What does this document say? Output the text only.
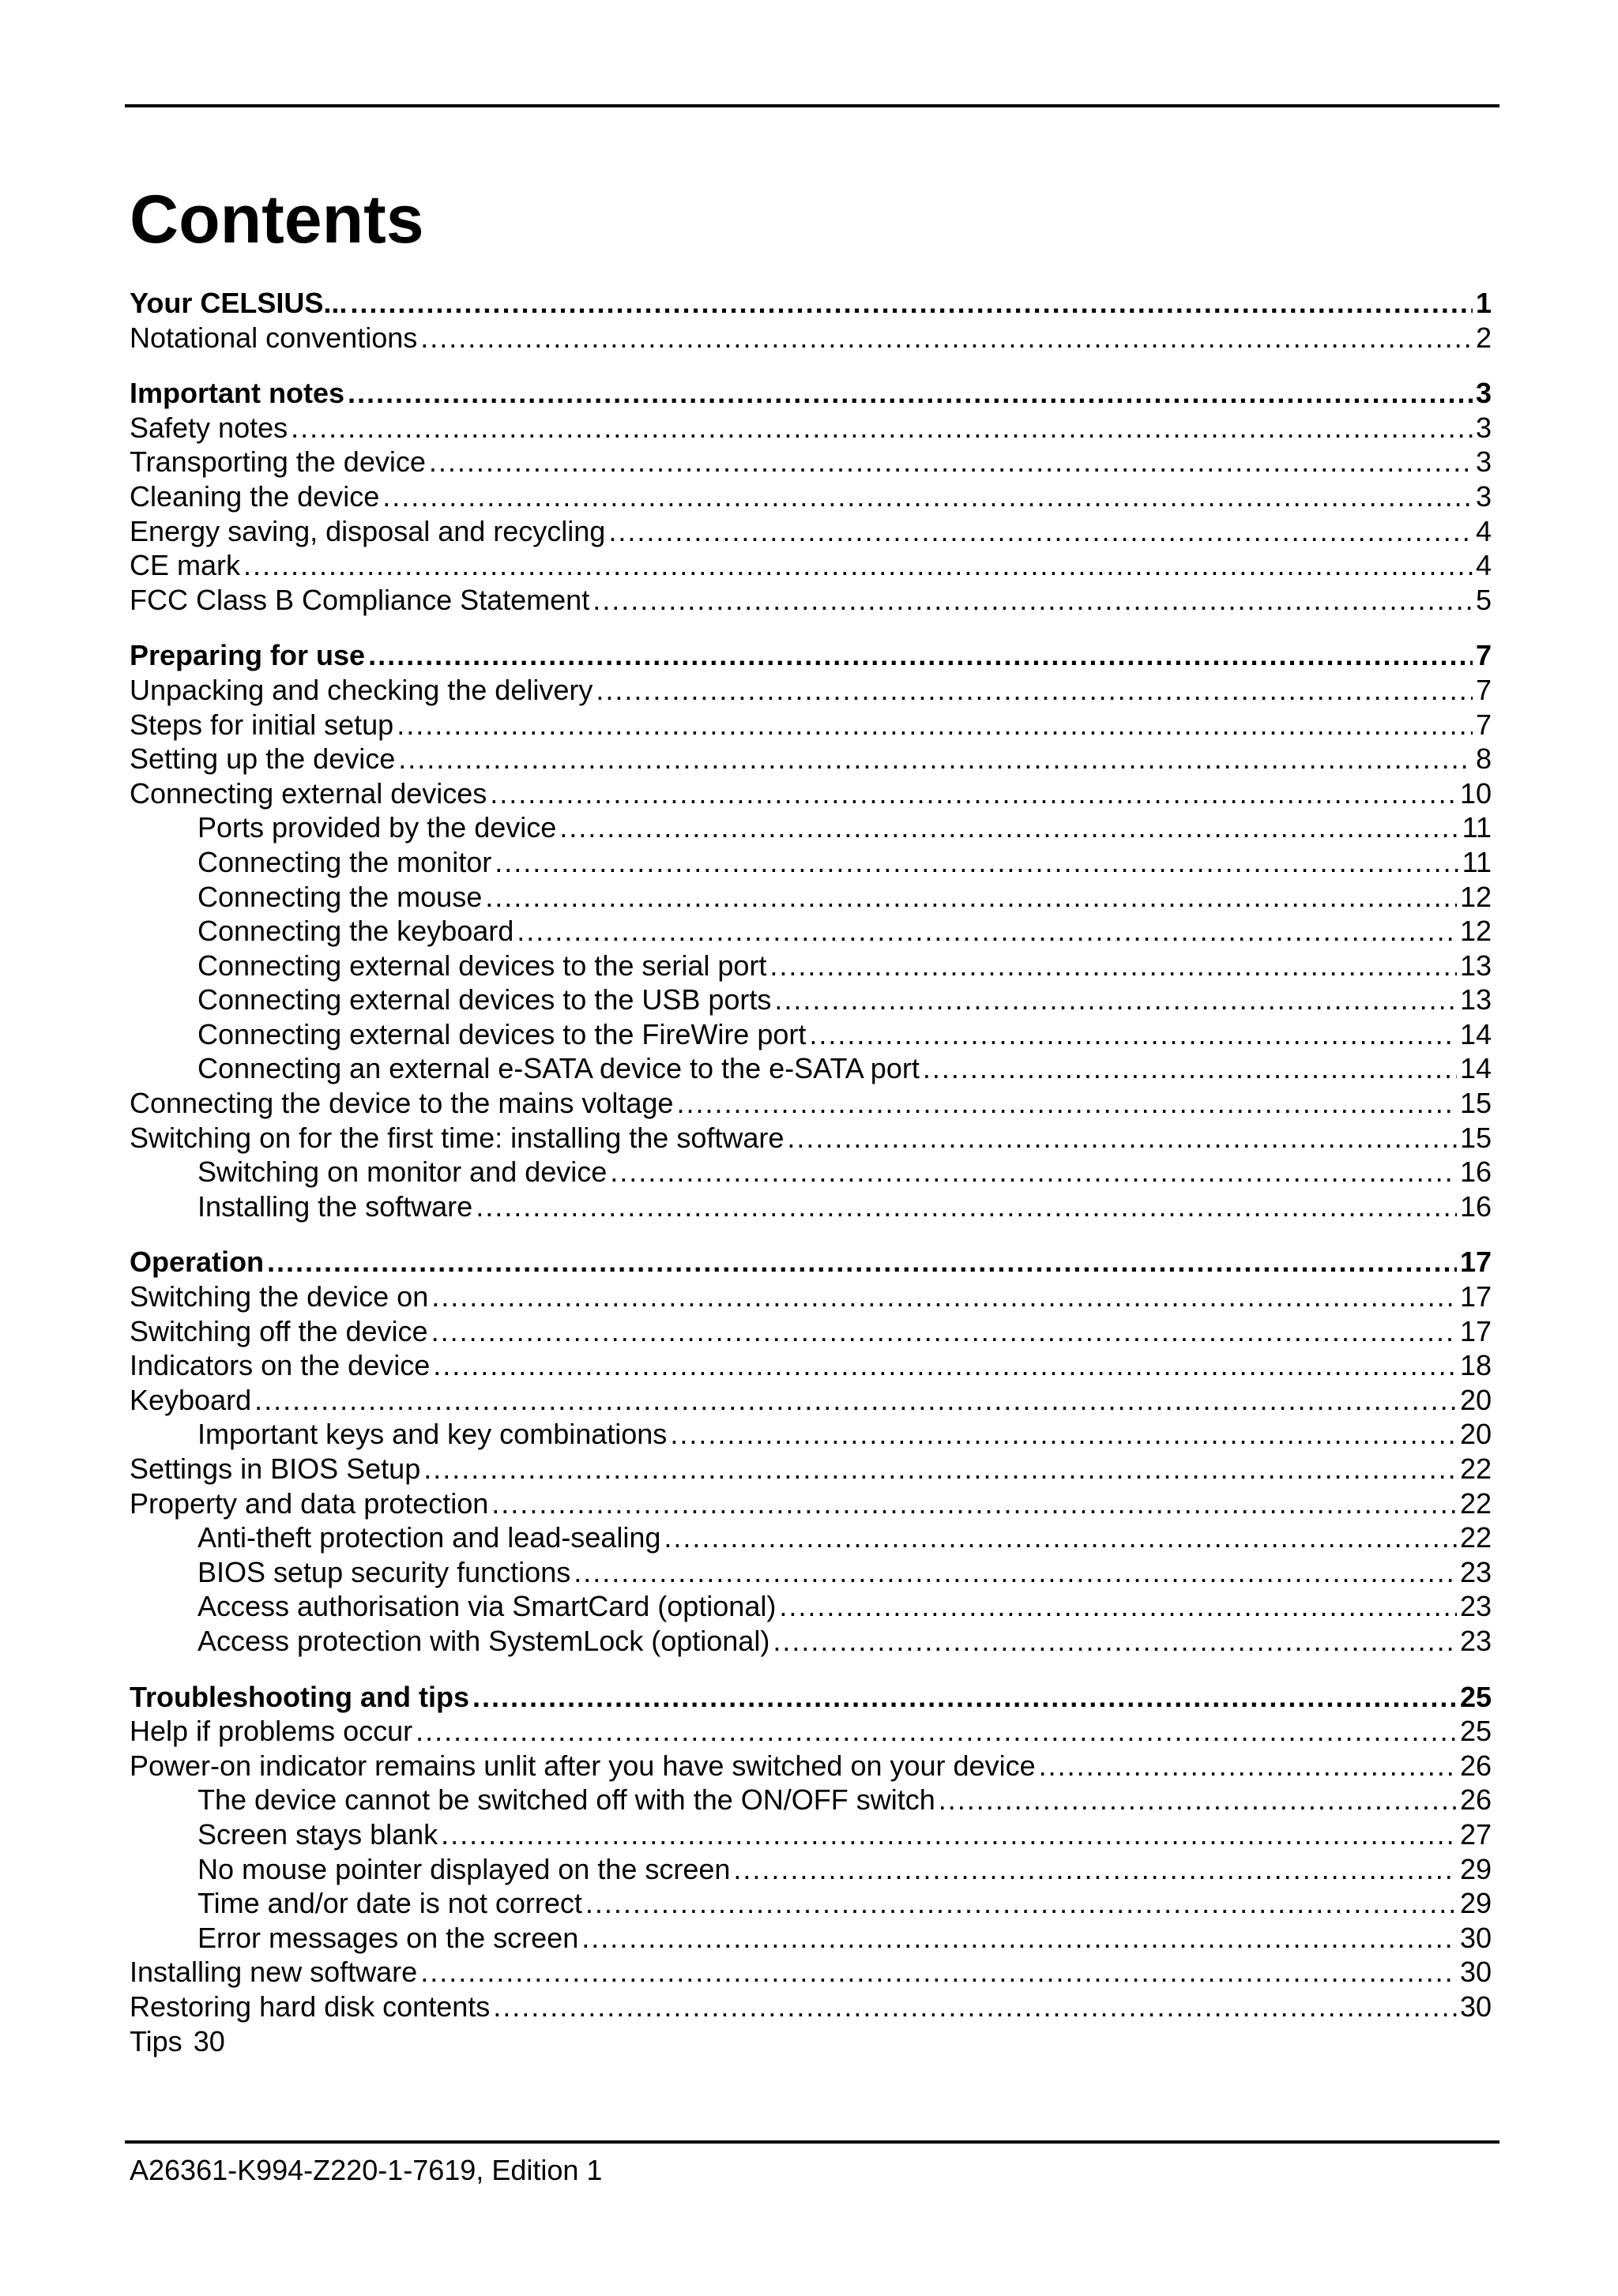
Contents
Your CELSIUS... . . .	1
Notational conventions . . .	2
Important notes . . .	3
Safety notes . . .	3
Transporting the device . . .	3
Cleaning the device . . .	3
Energy saving, disposal and recycling . . .	4
CE mark . . .	4
FCC Class B Compliance Statement . . .	5
Preparing for use . . .	7
Unpacking and checking the delivery . . .	7
Steps for initial setup . . .	7
Setting up the device . . .	8
Connecting external devices . . .	10
Ports provided by the device . . .	11
Connecting the monitor . . .	11
Connecting the mouse . . .	12
Connecting the keyboard . . .	12
Connecting external devices to the serial port . . .	13
Connecting external devices to the USB ports . . .	13
Connecting external devices to the FireWire port . . .	14
Connecting an external e-SATA device to the e-SATA port . . .	14
Connecting the device to the mains voltage . . .	15
Switching on for the first time: installing the software . . .	15
Switching on monitor and device . . .	16
Installing the software . . .	16
Operation . . .	17
Switching the device on . . .	17
Switching off the device . . .	17
Indicators on the device . . .	18
Keyboard . . .	20
Important keys and key combinations . . .	20
Settings in BIOS Setup . . .	22
Property and data protection . . .	22
Anti-theft protection and lead-sealing . . .	22
BIOS setup security functions . . .	23
Access authorisation via SmartCard (optional) . . .	23
Access protection with SystemLock (optional) . . .	23
Troubleshooting and tips . . .	25
Help if problems occur . . .	25
Power-on indicator remains unlit after you have switched on your device . . .	26
The device cannot be switched off with the ON/OFF switch . . .	26
Screen stays blank . . .	27
No mouse pointer displayed on the screen . . .	29
Time and/or date is not correct . . .	29
Error messages on the screen . . .	30
Installing new software . . .	30
Restoring hard disk contents . . .	30
Tips 30
A26361-K994-Z220-1-7619, Edition 1
